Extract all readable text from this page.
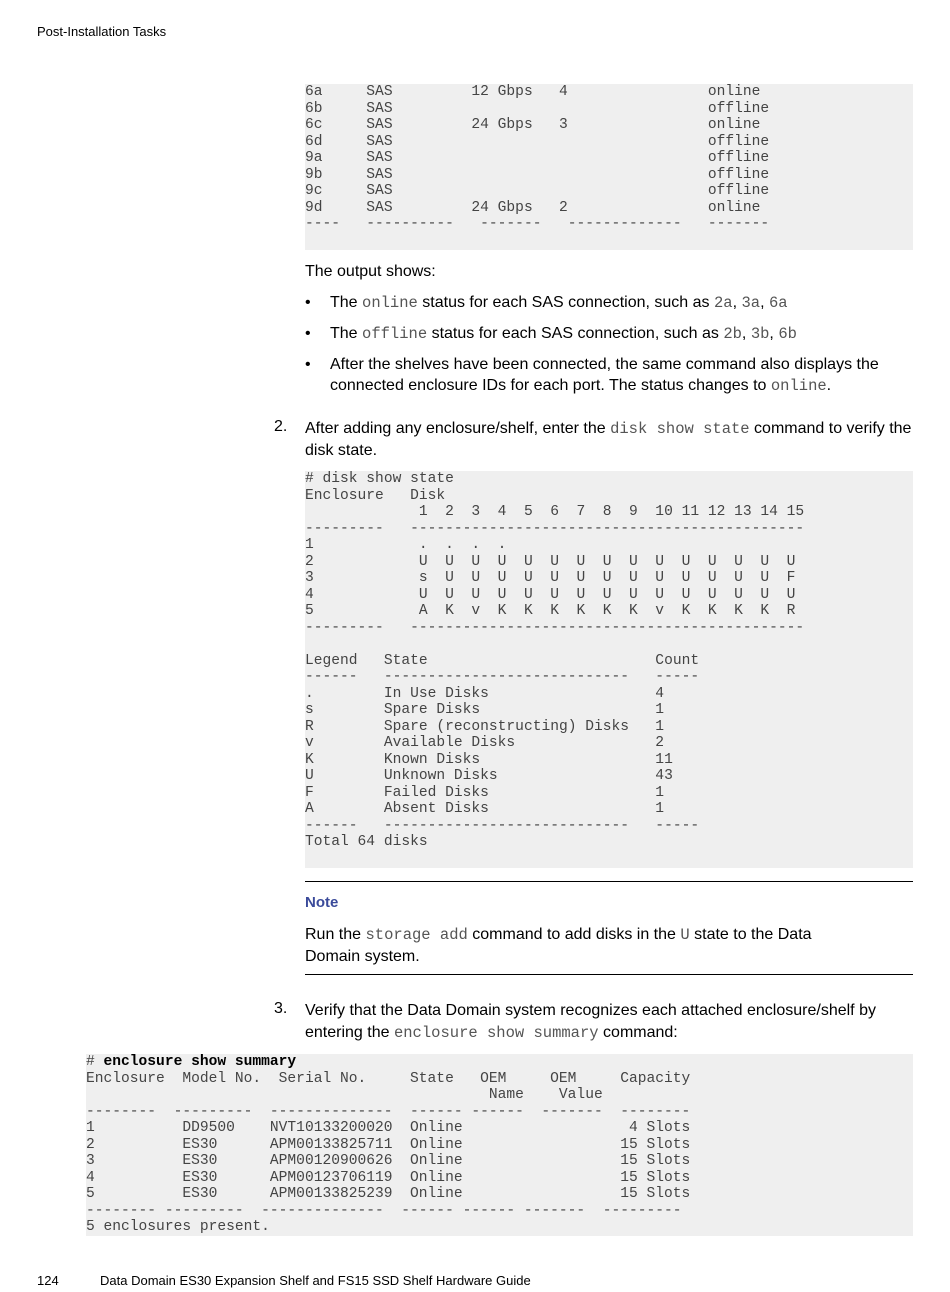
Post-Installation Tasks
6a     SAS         12 Gbps   4                online
6b     SAS                                    offline
6c     SAS         24 Gbps   3                online
6d     SAS                                    offline
9a     SAS                                    offline
9b     SAS                                    offline
9c     SAS                                    offline
9d     SAS         24 Gbps   2                online
----   ----------   -------   -------------   -------
The output shows:
• The online status for each SAS connection, such as 2a, 3a, 6a
• The offline status for each SAS connection, such as 2b, 3b, 6b
• After the shelves have been connected, the same command also displays the connected enclosure IDs for each port. The status changes to online.
2. After adding any enclosure/shelf, enter the disk show state command to verify the disk state.
# disk show state
Enclosure   Disk
1  2  3  4  5  6  7  8  9  10 11 12 13 14 15
---------   ---------------------------------------------
1            .  .  .  .
2            U  U  U  U  U  U  U  U  U  U  U  U  U  U  U
3            s  U  U  U  U  U  U  U  U  U  U  U  U  U  F
4            U  U  U  U  U  U  U  U  U  U  U  U  U  U  U
5            A  K  v  K  K  K  K  K  K  v  K  K  K  K  R
---------   ---------------------------------------------

Legend   State                          Count
------   ----------------------------   -----
.        In Use Disks                   4
s        Spare Disks                    1
R        Spare (reconstructing) Disks   1
v        Available Disks                2
K        Known Disks                    11
U        Unknown Disks                  43
F        Failed Disks                   1
A        Absent Disks                   1
------   ----------------------------   -----
Total 64 disks
Note
Run the storage add command to add disks in the U state to the Data Domain system.
3. Verify that the Data Domain system recognizes each attached enclosure/shelf by entering the enclosure show summary command:
# enclosure show summary
Enclosure  Model No.  Serial No.     State   OEM     OEM     Capacity
Name    Value
--------  ---------  --------------  ------ ------  -------  --------
1          DD9500    NVT10133200020  Online                   4 Slots
2          ES30      APM00133825711  Online                  15 Slots
3          ES30      APM00120900626  Online                  15 Slots
4          ES30      APM00123706119  Online                  15 Slots
5          ES30      APM00133825239  Online                  15 Slots
-------- ---------  --------------  ------ ------ -------  ---------
5 enclosures present.
124	Data Domain ES30 Expansion Shelf and FS15 SSD Shelf Hardware Guide
